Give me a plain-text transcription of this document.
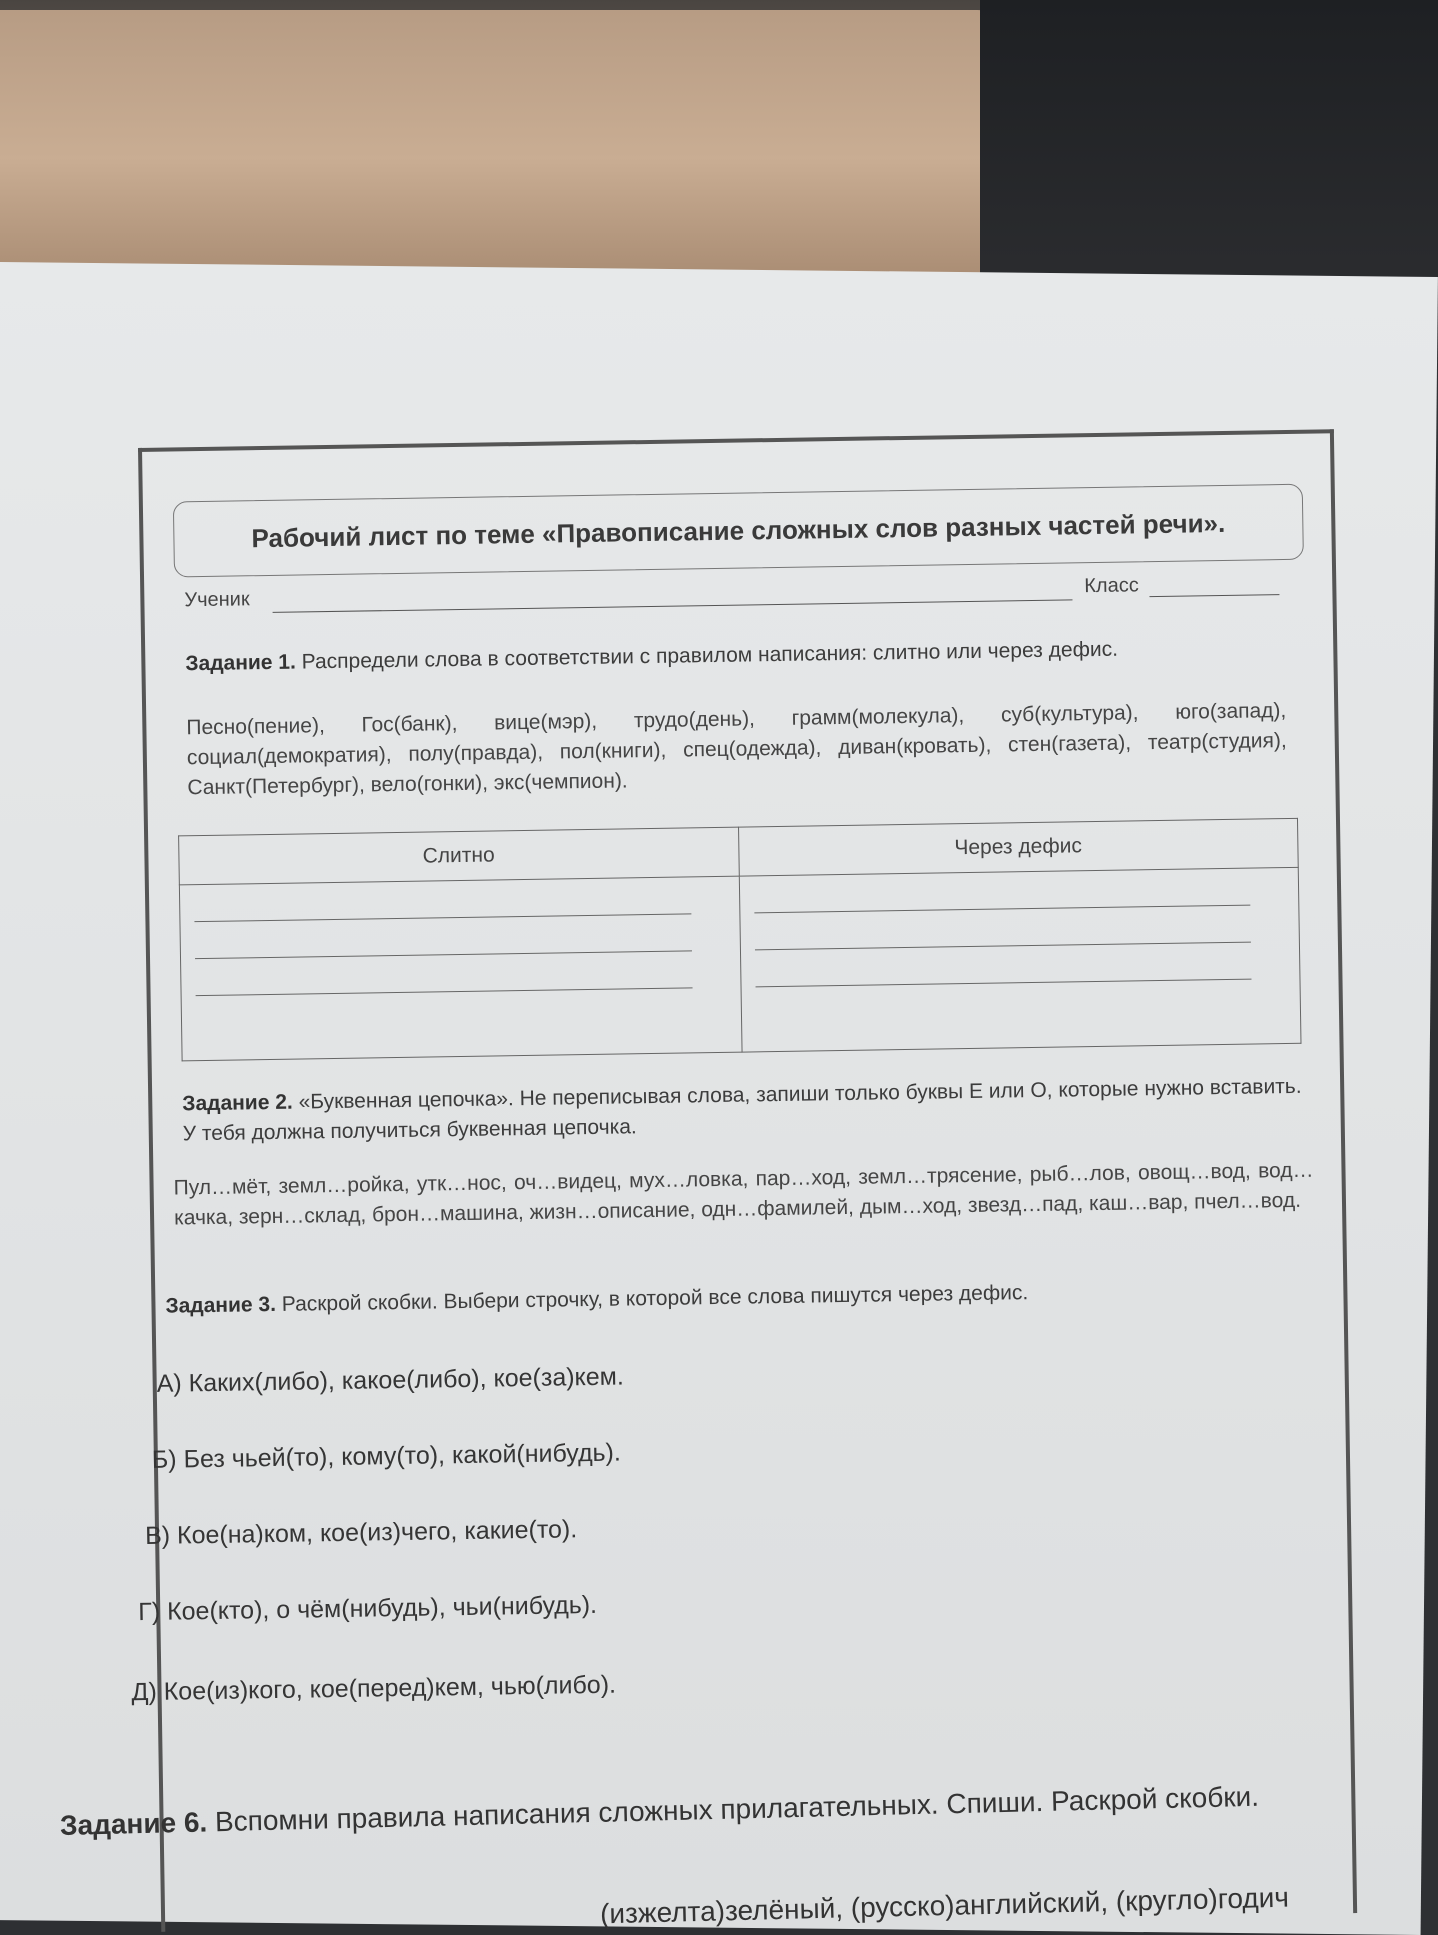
Рабочий лист по теме «Правописание сложных слов разных частей речи».
Ученик
Класс
Задание 1. Распредели слова в соответствии с правилом написания: слитно или через дефис.
Песно(пение), Гос(банк), вице(мэр), трудо(день), грамм(молекула), суб(культура), юго(запад), социал(демократия), полу(правда), пол(книги), спец(одежда), диван(кровать), стен(газета), театр(студия), Санкт(Петербург), вело(гонки), экс(чемпион).
Слитно	Через дефис

Задание 2. «Буквенная цепочка». Не переписывая слова, запиши только буквы Е или О, которые нужно вставить. У тебя должна получиться буквенная цепочка.
Пул…мёт, земл…ройка, утк…нос, оч…видец, мух…ловка, пар…ход, земл…трясение, рыб…лов, овощ…вод, вод…качка, зерн…склад, брон…машина, жизн…описание, одн…фамилей, дым…ход, звезд…пад, каш…вар, пчел…вод.
Задание 3. Раскрой скобки. Выбери строчку, в которой все слова пишутся через дефис.
А) Каких(либо), какое(либо), кое(за)кем.
Б) Без чьей(то), кому(то), какой(нибудь).
В) Кое(на)ком, кое(из)чего, какие(то).
Г) Кое(кто), о чём(нибудь), чьи(нибудь).
Д) Кое(из)кого, кое(перед)кем, чью(либо).
Задание 6. Вспомни правила написания сложных прилагательных. Спиши. Раскрой скобки.
(изжелта)зелёный, (русско)английский, (кругло)годич
